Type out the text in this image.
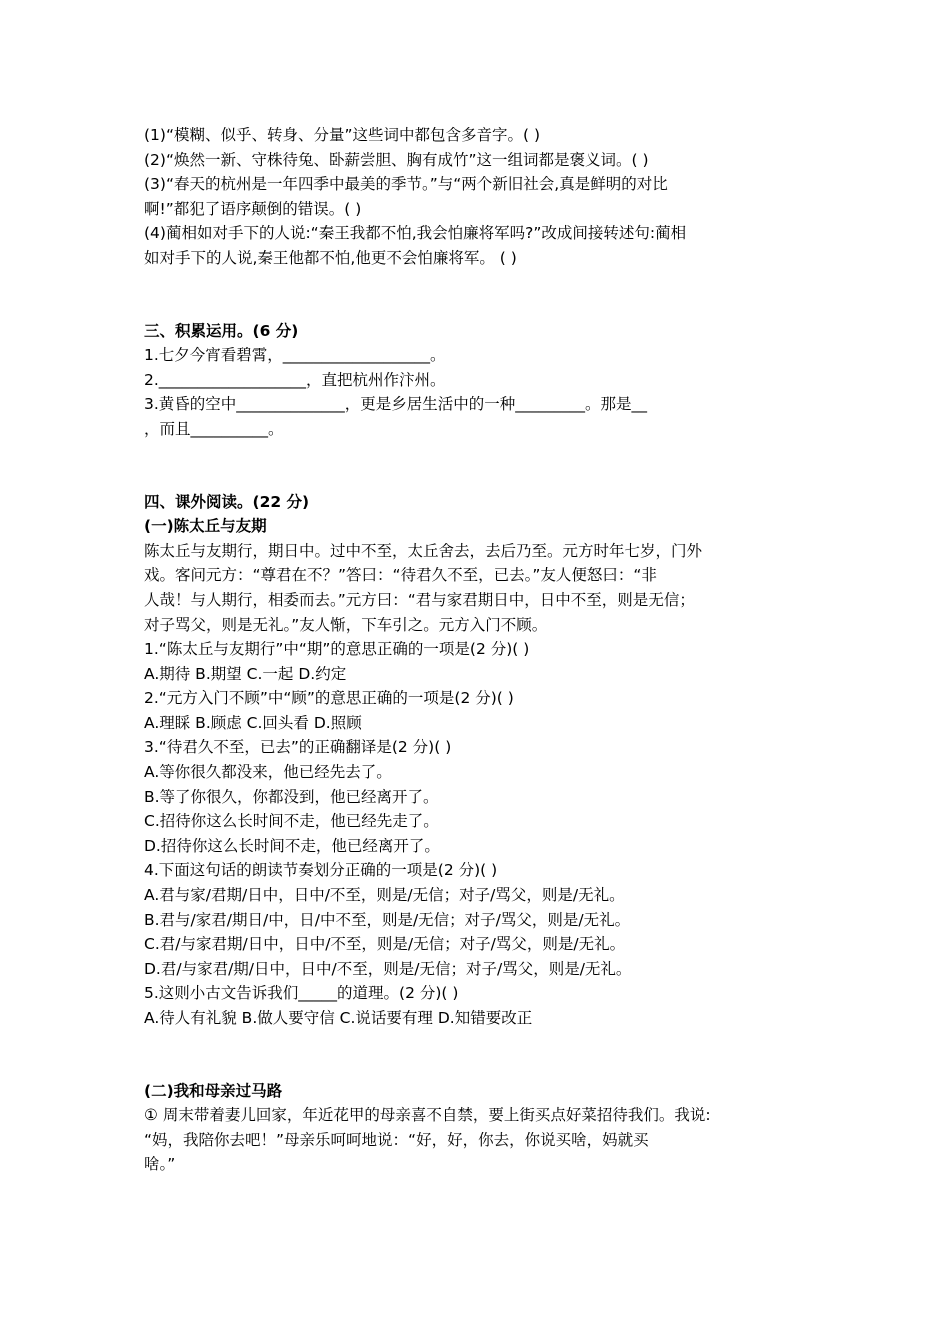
(1)“模糊、似乎、转身、分量”这些词中都包含多音字。( )
(2)“焕然一新、守株待兔、卧薪尝胆、胸有成竹”这一组词都是褒义词。( )
(3)“春天的杭州是一年四季中最美的季节。”与“两个新旧社会,真是鲜明的对比
啊!”都犯了语序颠倒的错误。( )
(4)蔺相如对手下的人说:“秦王我都不怕,我会怕廉将军吗?”改成间接转述句:蔺相
如对手下的人说,秦王他都不怕,他更不会怕廉将军。 ( )
三、积累运用。(6 分)
1.七夕今宵看碧霄，___________________。
2.___________________，直把杭州作汴州。
3.黄昏的空中______________，更是乡居生活中的一种_________。那是__
，而且__________。
四、课外阅读。(22 分)
(一)陈太丘与友期
陈太丘与友期行，期日中。过中不至，太丘舍去，去后乃至。元方时年七岁，门外
戏。客问元方：“尊君在不？”答曰：“待君久不至，已去。”友人便怒曰：“非
人哉！与人期行，相委而去。”元方曰：“君与家君期日中，日中不至，则是无信；
对子骂父，则是无礼。”友人惭，下车引之。元方入门不顾。
1.“陈太丘与友期行”中“期”的意思正确的一项是(2 分)( )
A.期待 B.期望 C.一起 D.约定
2.“元方入门不顾”中“顾”的意思正确的一项是(2 分)( )
A.理睬 B.顾虑 C.回头看 D.照顾
3.“待君久不至，已去”的正确翻译是(2 分)( )
A.等你很久都没来，他已经先去了。
B.等了你很久，你都没到，他已经离开了。
C.招待你这么长时间不走，他已经先走了。
D.招待你这么长时间不走，他已经离开了。
4.下面这句话的朗读节奏划分正确的一项是(2 分)( )
A.君与家/君期/日中，日中/不至，则是/无信；对子/骂父，则是/无礼。
B.君与/家君/期日/中，日/中不至，则是/无信；对子/骂父，则是/无礼。
C.君/与家君期/日中，日中/不至，则是/无信；对子/骂父，则是/无礼。
D.君/与家君/期/日中，日中/不至，则是/无信；对子/骂父，则是/无礼。
5.这则小古文告诉我们_____的道理。(2 分)( )
A.待人有礼貌 B.做人要守信 C.说话要有理 D.知错要改正
(二)我和母亲过马路
① 周末带着妻儿回家，年近花甲的母亲喜不自禁，要上街买点好菜招待我们。我说:
“妈，我陪你去吧！”母亲乐呵呵地说：“好，好，你去，你说买啥，妈就买
啥。”
